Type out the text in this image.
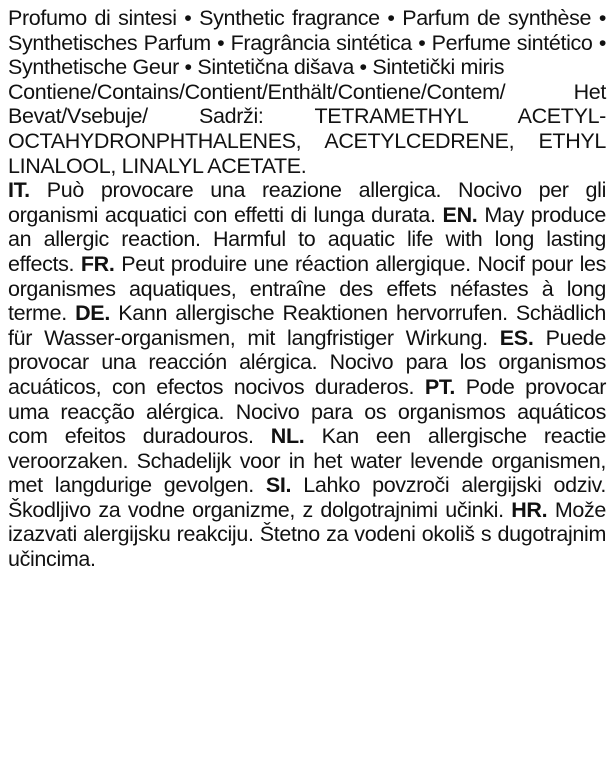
Profumo di sintesi • Synthetic fragrance • Parfum de synthèse • Synthetisches Parfum • Fragrância sintética • Perfume sintético • Synthetische Geur • Sintetična dišava • Sintetički miris

Contiene/Contains/Contient/Enthält/Contiene/Contem/ Het Bevat/Vsebuje/ Sadrži: TETRAMETHYL ACETYL-OCTAHYDRONPHTHALENES, ACETYLCEDRENE, ETHYL LINALOOL, LINALYL ACETATE.

IT. Può provocare una reazione allergica. Nocivo per gli organismi acquatici con effetti di lunga durata. EN. May produce an allergic reaction. Harmful to aquatic life with long lasting effects. FR. Peut produire une réaction allergique. Nocif pour les organismes aquatiques, entraîne des effets néfastes à long terme. DE. Kann allergische Reaktionen hervorrufen. Schädlich für Wasser-organismen, mit langfristiger Wirkung. ES. Puede provocar una reacción alérgica. Nocivo para los organismos acuáticos, con efectos nocivos duraderos. PT. Pode provocar uma reacção alérgica. Nocivo para os organismos aquáticos com efeitos duradouros. NL. Kan een allergische reactie veroorzaken. Schadelijk voor in het water levende organismen, met langdurige gevolgen. SI. Lahko povzroči alergijski odziv. Škodljivo za vodne organizme, z dolgotrajnimi učinki. HR. Može izazvati alergijsku reakciju. Štetno za vodeni okoliš s dugotrajnim učincima.
